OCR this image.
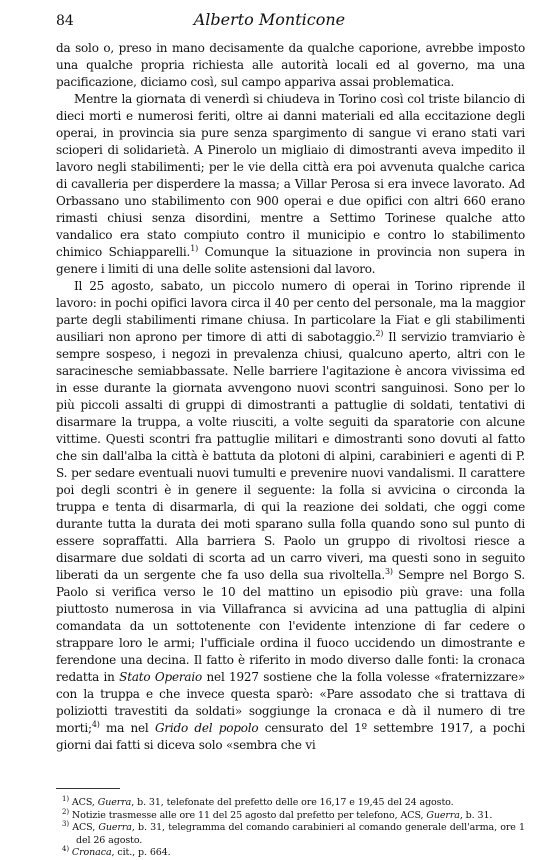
84	Alberto Monticone

da solo o, preso in mano decisamente da qualche caporione, avrebbe imposto una qualche propria richiesta alle autorità locali ed al governo, ma una pacificazione, diciamo così, sul campo appariva assai problematica.

Mentre la giornata di venerdì si chiudeva in Torino così col triste bilancio di dieci morti e numerosi feriti, oltre ai danni materiali ed alla eccitazione degli operai, in provincia sia pure senza spargimento di sangue vi erano stati vari scioperi di solidarietà. A Pinerolo un migliaio di dimostranti aveva impedito il lavoro negli stabilimenti; per le vie della città era poi avvenuta qualche carica di cavalleria per disperdere la massa; a Villar Perosa si era invece lavorato. Ad Orbassano uno stabilimento con 900 operai e due opifici con altri 660 erano rimasti chiusi senza disordini, mentre a Settimo Torinese qualche atto vandalico era stato compiuto contro il municipio e contro lo stabilimento chimico Schiapparelli.$^{1)}$ Comunque la situazione in provincia non supera in genere i limiti di una delle solite astensioni dal lavoro.

Il 25 agosto, sabato, un piccolo numero di operai in Torino riprende il lavoro: in pochi opifici lavora circa il 40 per cento del personale, ma la maggior parte degli stabilimenti rimane chiusa. In particolare la Fiat e gli stabilimenti ausiliari non aprono per timore di atti di sabotaggio.$^{2)}$ Il servizio tramviario è sempre sospeso, i negozi in prevalenza chiusi, qualcuno aperto, altri con le saracinesche semiabbassate. Nelle barriere l'agitazione è ancora vivissima ed in esse durante la giornata avvengono nuovi scontri sanguinosi. Sono per lo più piccoli assalti di gruppi di dimostranti a pattuglie di soldati, tentativi di disarmare la truppa, a volte riusciti, a volte seguiti da sparatorie con alcune vittime. Questi scontri fra pattuglie militari e dimostranti sono dovuti al fatto che sin dall'alba la città è battuta da plotoni di alpini, carabinieri e agenti di P. S. per sedare eventuali nuovi tumulti e prevenire nuovi vandalismi. Il carattere poi degli scontri è in genere il seguente: la folla si avvicina o circonda la truppa e tenta di disarmarla, di qui la reazione dei soldati, che oggi come durante tutta la durata dei moti sparano sulla folla quando sono sul punto di essere sopraffatti. Alla barriera S. Paolo un gruppo di rivoltosi riesce a disarmare due soldati di scorta ad un carro viveri, ma questi sono in seguito liberati da un sergente che fa uso della sua rivoltella.$^{3)}$ Sempre nel Borgo S. Paolo si verifica verso le 10 del mattino un episodio più grave: una folla piuttosto numerosa in via Villafranca si avvicina ad una pattuglia di alpini comandata da un sottotenente con l'evidente intenzione di far cedere o strappare loro le armi; l'ufficiale ordina il fuoco uccidendo un dimostrante e ferendone una decina. Il fatto è riferito in modo diverso dalle fonti: la cronaca redatta in Stato Operaio nel 1927 sostiene che la folla volesse «fraternizzare» con la truppa e che invece questa sparò: «Pare assodato che si trattava di poliziotti travestiti da soldati» soggiunge la cronaca e dà il numero di tre morti;$^{4)}$ ma nel Grido del popolo censurato del 1º settembre 1917, a pochi giorni dai fatti si diceva solo «sembra che vi

$^{1)}$ ACS, Guerra, b. 31, telefonate del prefetto delle ore 16,17 e 19,45 del 24 agosto.

$^{2)}$ Notizie trasmesse alle ore 11 del 25 agosto dal prefetto per telefono, ACS, Guerra, b. 31.

$^{3)}$ ACS, Guerra, b. 31, telegramma del comando carabinieri al comando generale dell'arma, ore 1 del 26 agosto.

$^{4)}$ Cronaca, cit., p. 664.
